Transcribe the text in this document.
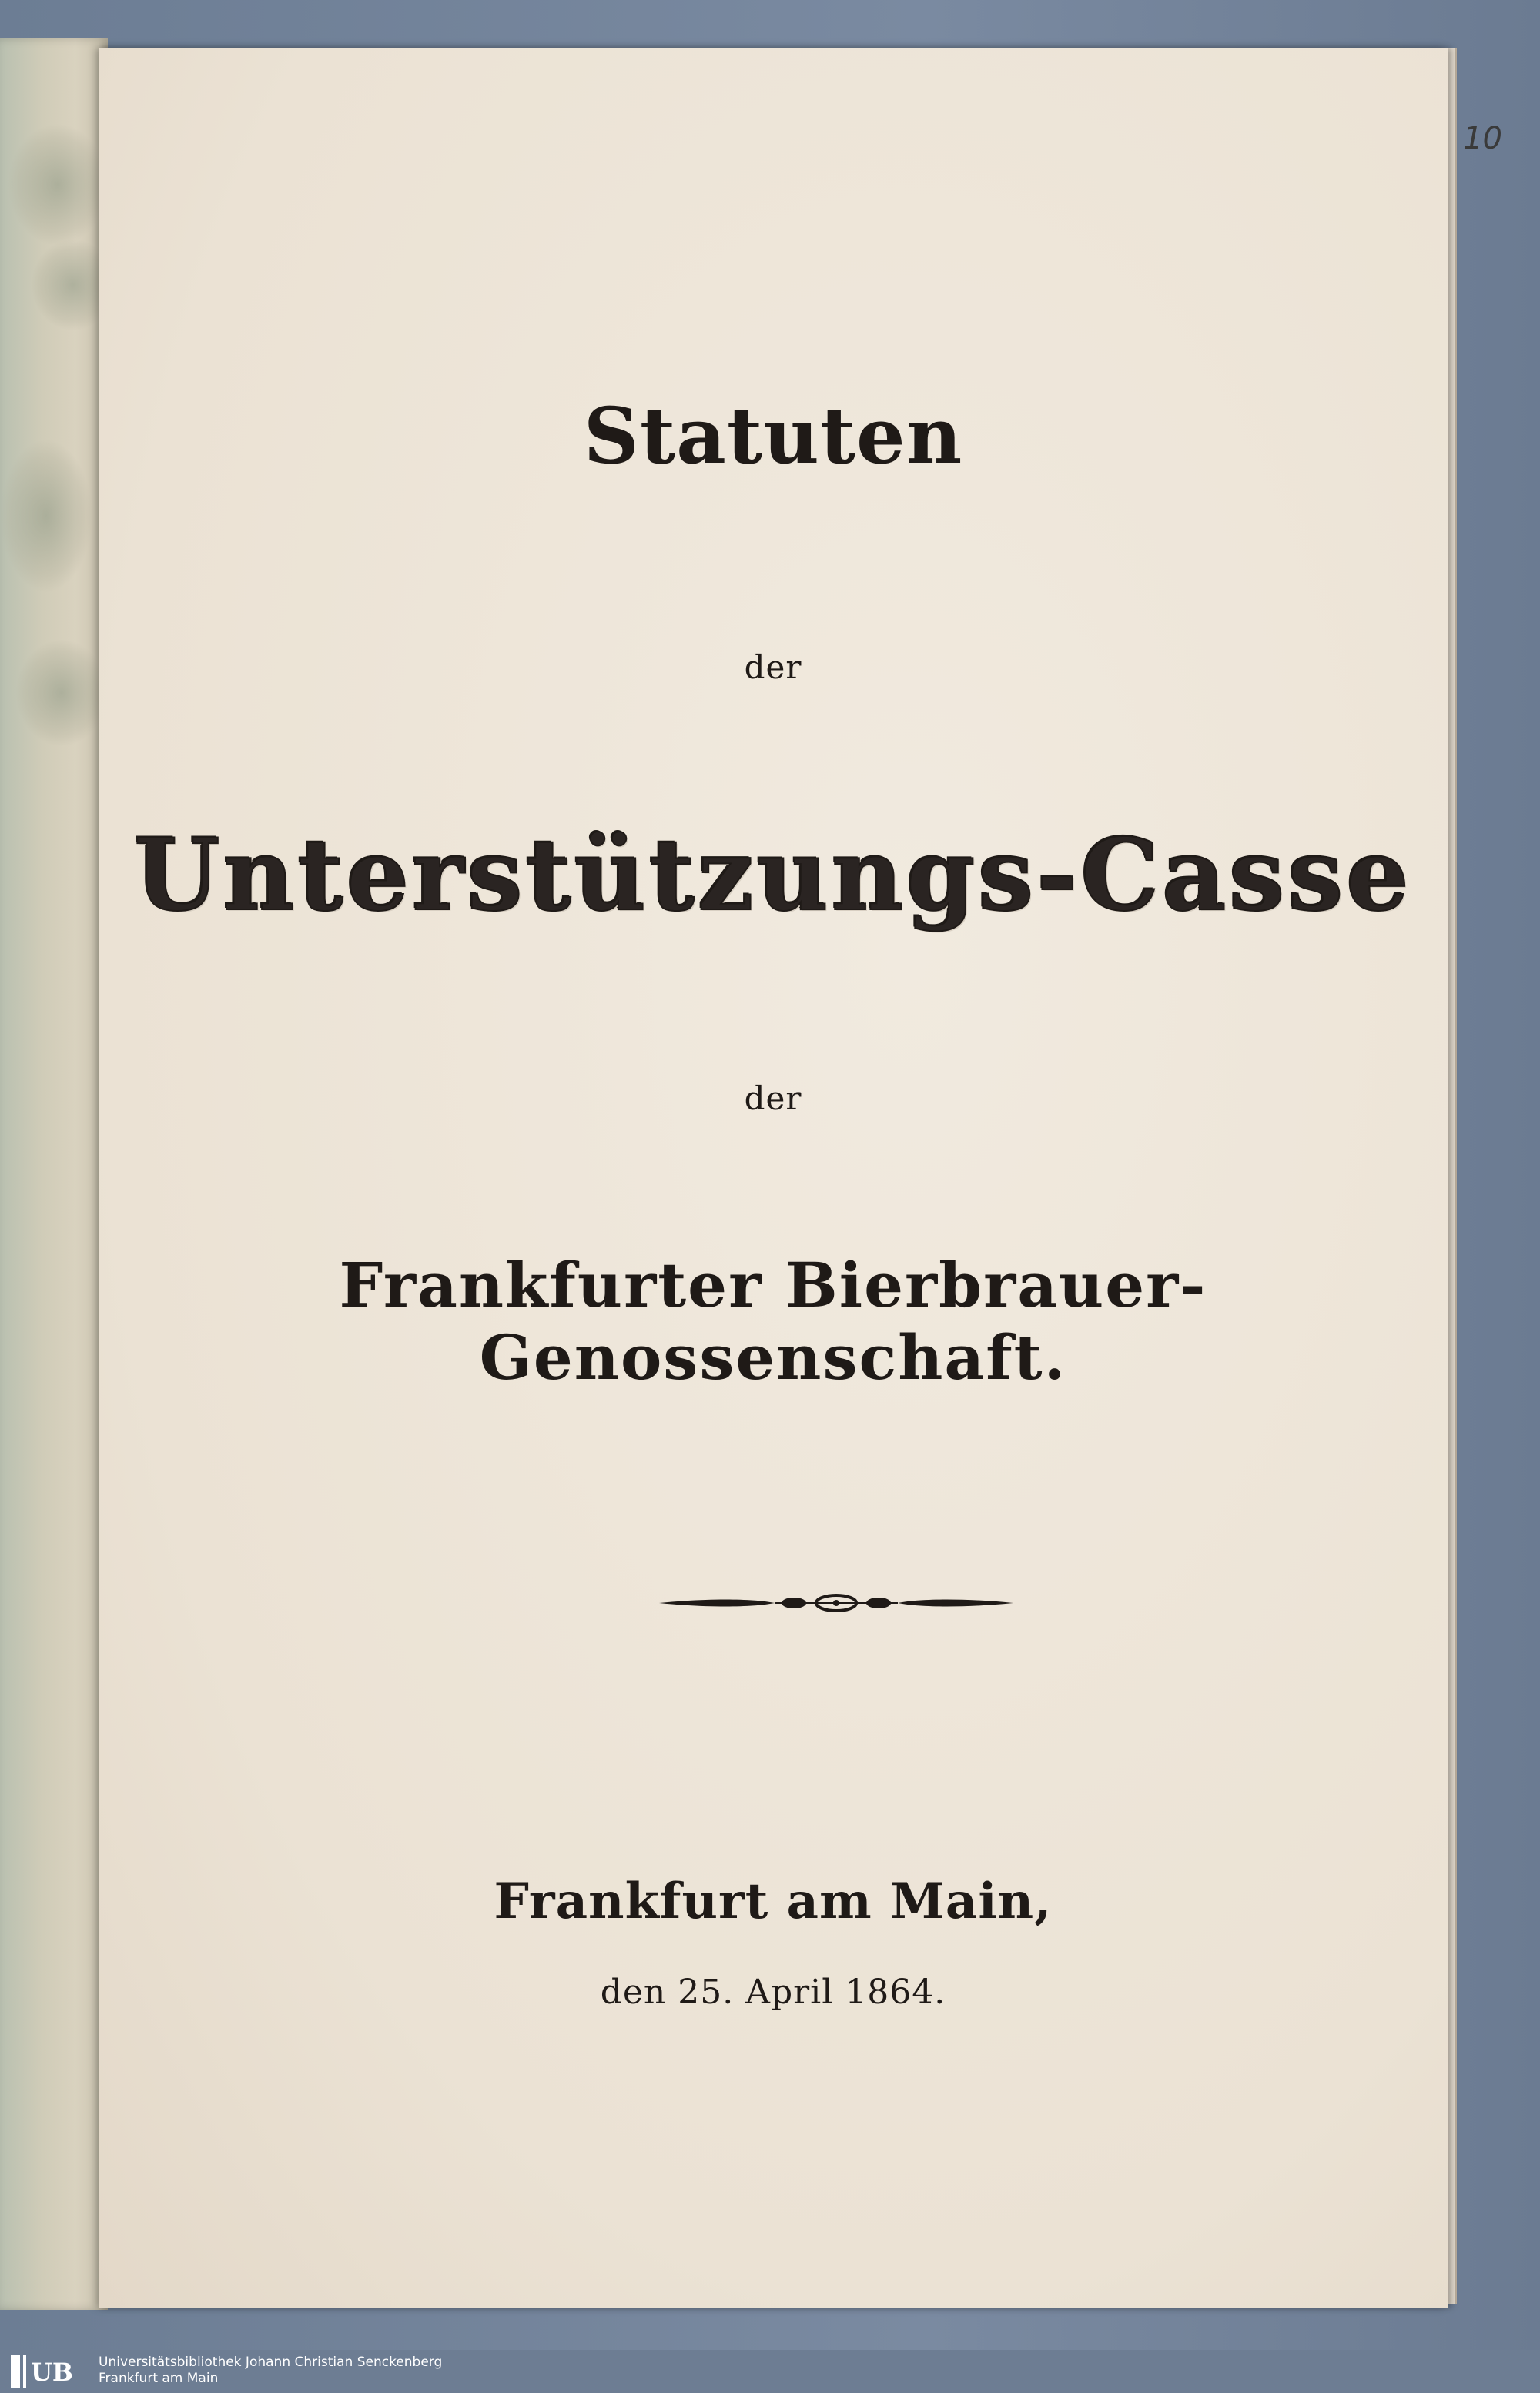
10
Statuten
der
Unterstützungs-Casse
der
Frankfurter Bierbrauer-Genossenschaft.
Frankfurt am Main,
den 25. April 1864.
UB Universitätsbibliothek Johann Christian Senckenberg
Frankfurt am Main
